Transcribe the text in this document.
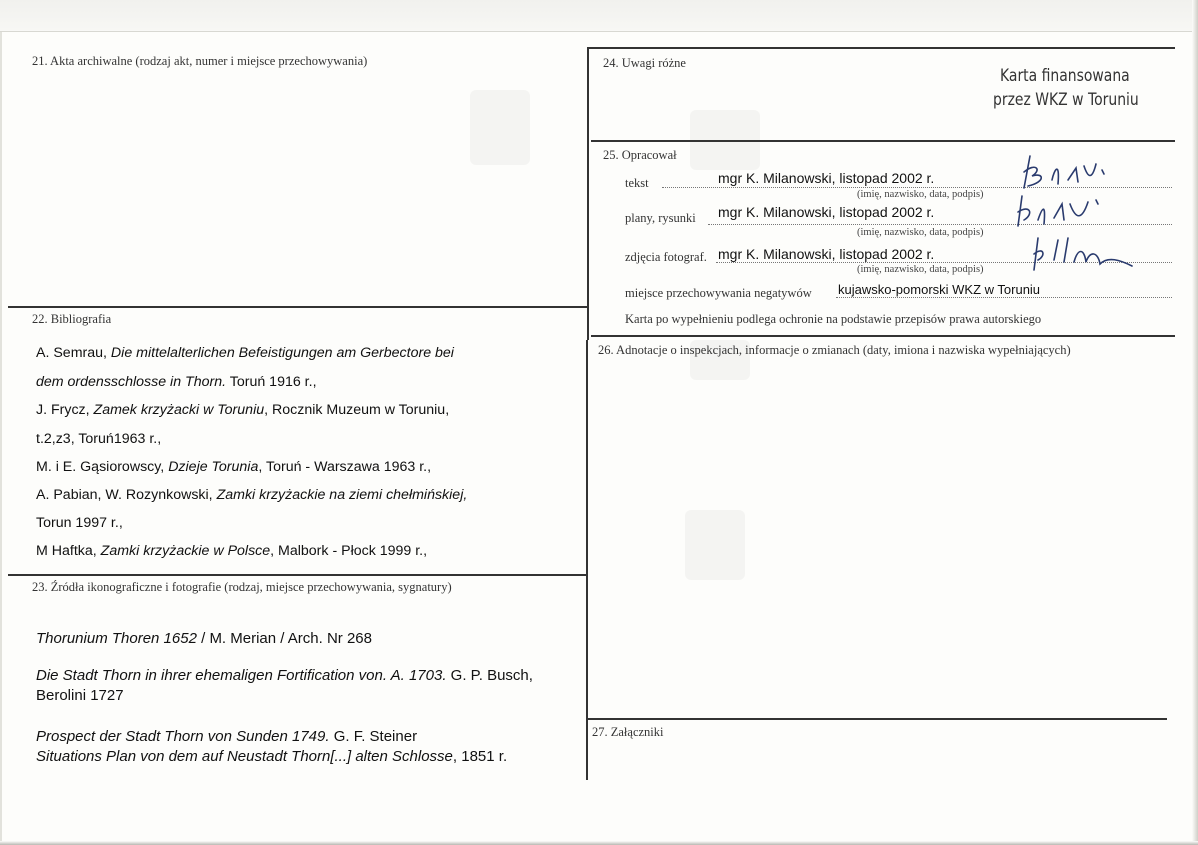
21. Akta archiwalne (rodzaj akt, numer i miejsce przechowywania)
22. Bibliografia
A. Semrau, Die mittelalterlichen Befeistigungen am Gerbectore bei
dem ordensschlosse in Thorn. Toruń 1916 r.,
J. Frycz, Zamek krzyżacki w Toruniu, Rocznik Muzeum w Toruniu,
t.2,z3, Toruń1963 r.,
M. i E. Gąsiorowscy, Dzieje Torunia, Toruń - Warszawa 1963 r.,
A. Pabian, W. Rozynkowski, Zamki krzyżackie na ziemi chełmińskiej,
Torun 1997 r.,
M Haftka, Zamki krzyżackie w Polsce, Malbork - Płock 1999 r.,
23. Źródła ikonograficzne i fotografie (rodzaj, miejsce przechowywania, sygnatury)
Thorunium Thoren 1652 / M. Merian / Arch. Nr 268
Die Stadt Thorn in ihrer ehemaligen Fortification von. A. 1703. G. P. Busch,
Berolini 1727
Prospect der Stadt Thorn von Sunden 1749. G. F. Steiner
Situations Plan von dem auf Neustadt Thorn[...] alten Schlosse, 1851 r.
24. Uwagi różne
Karta finansowana
przez WKZ w Toruniu
25. Opracował
tekst	mgr K. Milanowski, listopad 2002 r.
(imię, nazwisko, data, podpis)
plany, rysunki mgr K. Milanowski, listopad 2002 r.
(imię, nazwisko, data, podpis)
zdjęcia fotograf. mgr K. Milanowski, listopad 2002 r.
(imię, nazwisko, data, podpis)
miejsce przechowywania negatywów kujawsko-pomorski WKZ w Toruniu
Karta po wypełnieniu podlega ochronie na podstawie przepisów prawa autorskiego
26. Adnotacje o inspekcjach, informacje o zmianach (daty, imiona i nazwiska wypełniających)
27. Załączniki
